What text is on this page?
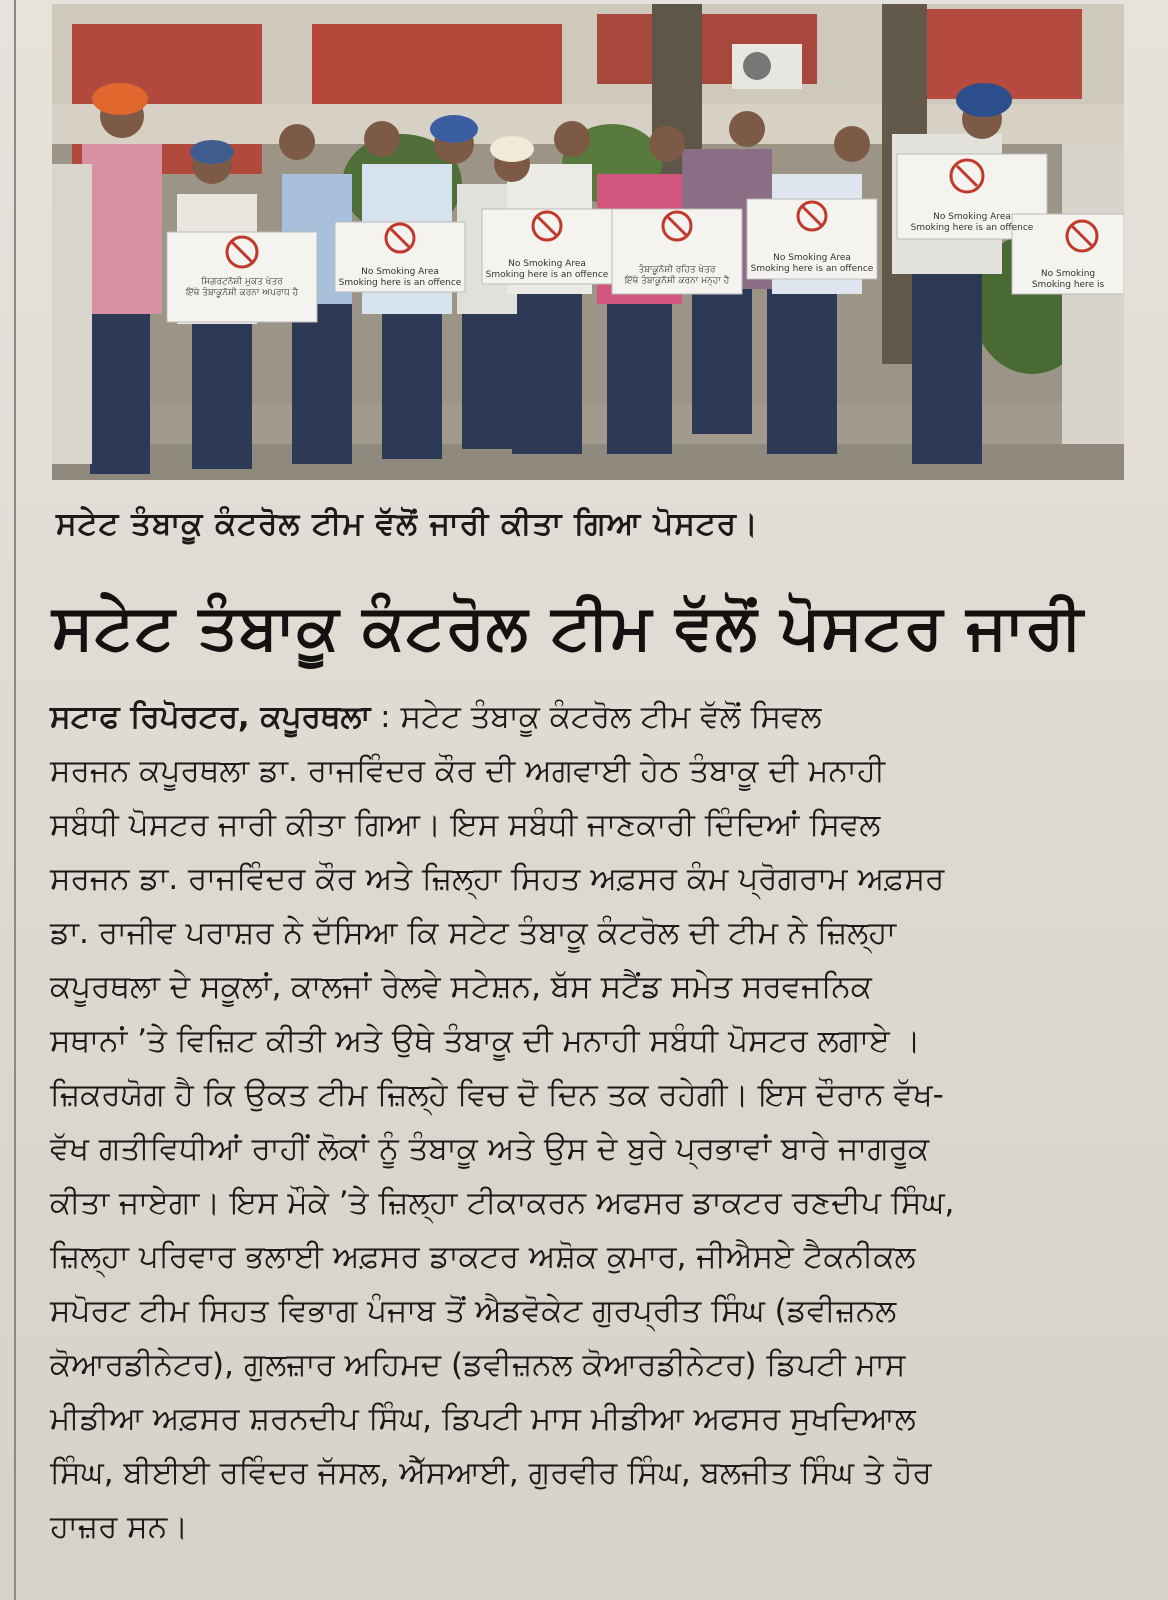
ਸਿਗਰਟਨੋਸ਼ੀ ਮੁਕਤ ਖੇਤਰ
ਇੱਥੇ ਤੰਬਾਕੂਨੋਸ਼ੀ ਕਰਨਾ ਅਪਰਾਧ ਹੈ
No Smoking Area
Smoking here is an offence
No Smoking Area
Smoking here is an offence	ਤੰਬਾਕੂਨੋਸ਼ੀ ਰਹਿਤ ਖੇਤਰ
ਇੱਥੇ ਤੰਬਾਕੂਨੋਸ਼ੀ ਕਰਨਾ ਮਨ੍ਹਾ ਹੈ
No Smoking Area
Smoking here is an offence
No Smoking Area
Smoking here is an offence
No Smoking
Smoking here is
ਸਟੇਟ ਤੰਬਾਕੂ ਕੰਟਰੋਲ ਟੀਮ ਵੱਲੋਂ ਜਾਰੀ ਕੀਤਾ ਗਿਆ ਪੋਸਟਰ।
ਸਟੇਟ ਤੰਬਾਕੂ ਕੰਟਰੋਲ ਟੀਮ ਵੱਲੋਂ ਪੋਸਟਰ ਜਾਰੀ
ਸਟਾਫ ਰਿਪੋਰਟਰ, ਕਪੂਰਥਲਾ : ਸਟੇਟ ਤੰਬਾਕੂ ਕੰਟਰੋਲ ਟੀਮ ਵੱਲੋਂ ਸਿਵਲ
ਸਰਜਨ ਕਪੂਰਥਲਾ ਡਾ. ਰਾਜਵਿੰਦਰ ਕੌਰ ਦੀ ਅਗਵਾਈ ਹੇਠ ਤੰਬਾਕੂ ਦੀ ਮਨਾਹੀ
ਸਬੰਧੀ ਪੋਸਟਰ ਜਾਰੀ ਕੀਤਾ ਗਿਆ। ਇਸ ਸਬੰਧੀ ਜਾਣਕਾਰੀ ਦਿੰਦਿਆਂ ਸਿਵਲ
ਸਰਜਨ ਡਾ. ਰਾਜਵਿੰਦਰ ਕੌਰ ਅਤੇ ਜ਼ਿਲ੍ਹਾ ਸਿਹਤ ਅਫ਼ਸਰ ਕੰਮ ਪ੍ਰੋਗਰਾਮ ਅਫ਼ਸਰ
ਡਾ. ਰਾਜੀਵ ਪਰਾਸ਼ਰ ਨੇ ਦੱਸਿਆ ਕਿ ਸਟੇਟ ਤੰਬਾਕੂ ਕੰਟਰੋਲ ਦੀ ਟੀਮ ਨੇ ਜ਼ਿਲ੍ਹਾ
ਕਪੂਰਥਲਾ ਦੇ ਸਕੂਲਾਂ, ਕਾਲਜਾਂ ਰੇਲਵੇ ਸਟੇਸ਼ਨ, ਬੱਸ ਸਟੈਂਡ ਸਮੇਤ ਸਰਵਜਨਿਕ
ਸਥਾਨਾਂ ’ਤੇ ਵਿਜ਼ਿਟ ਕੀਤੀ ਅਤੇ ਉਥੇ ਤੰਬਾਕੂ ਦੀ ਮਨਾਹੀ ਸਬੰਧੀ ਪੋਸਟਰ ਲਗਾਏ ।
ਜ਼ਿਕਰਯੋਗ ਹੈ ਕਿ ਉਕਤ ਟੀਮ ਜ਼ਿਲ੍ਹੇ ਵਿਚ ਦੋ ਦਿਨ ਤਕ ਰਹੇਗੀ। ਇਸ ਦੌਰਾਨ ਵੱਖ-
ਵੱਖ ਗਤੀਵਿਧੀਆਂ ਰਾਹੀਂ ਲੋਕਾਂ ਨੂੰ ਤੰਬਾਕੂ ਅਤੇ ਉਸ ਦੇ ਬੁਰੇ ਪ੍ਰਭਾਵਾਂ ਬਾਰੇ ਜਾਗਰੂਕ
ਕੀਤਾ ਜਾਏਗਾ। ਇਸ ਮੌਕੇ ’ਤੇ ਜ਼ਿਲ੍ਹਾ ਟੀਕਾਕਰਨ ਅਫਸਰ ਡਾਕਟਰ ਰਣਦੀਪ ਸਿੰਘ,
ਜ਼ਿਲ੍ਹਾ ਪਰਿਵਾਰ ਭਲਾਈ ਅਫ਼ਸਰ ਡਾਕਟਰ ਅਸ਼ੋਕ ਕੁਮਾਰ, ਜੀਐਸਏ ਟੈਕਨੀਕਲ
ਸਪੋਰਟ ਟੀਮ ਸਿਹਤ ਵਿਭਾਗ ਪੰਜਾਬ ਤੋਂ ਐਡਵੋਕੇਟ ਗੁਰਪ੍ਰੀਤ ਸਿੰਘ (ਡਵੀਜ਼ਨਲ
ਕੋਆਰਡੀਨੇਟਰ), ਗੁਲਜ਼ਾਰ ਅਹਿਮਦ (ਡਵੀਜ਼ਨਲ ਕੋਆਰਡੀਨੇਟਰ) ਡਿਪਟੀ ਮਾਸ
ਮੀਡੀਆ ਅਫ਼ਸਰ ਸ਼ਰਨਦੀਪ ਸਿੰਘ, ਡਿਪਟੀ ਮਾਸ ਮੀਡੀਆ ਅਫਸਰ ਸੁਖਦਿਆਲ
ਸਿੰਘ, ਬੀਈਈ ਰਵਿੰਦਰ ਜੱਸਲ, ਐੱਸਆਈ, ਗੁਰਵੀਰ ਸਿੰਘ, ਬਲਜੀਤ ਸਿੰਘ ਤੇ ਹੋਰ
ਹਾਜ਼ਰ ਸਨ।
